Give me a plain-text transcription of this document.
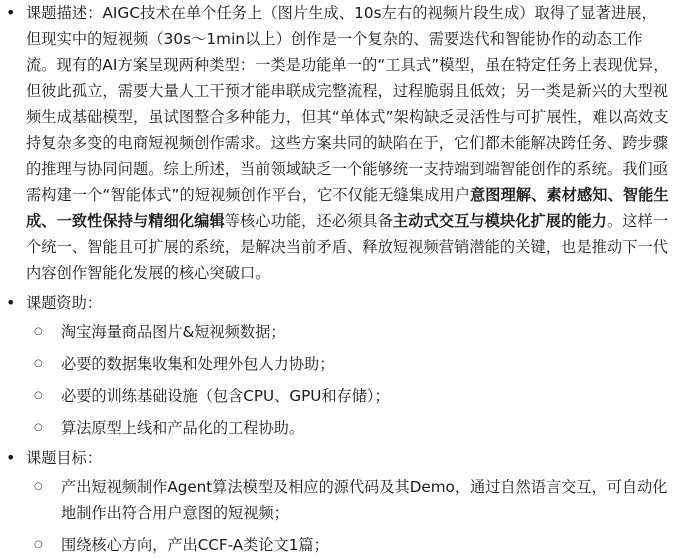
• 课题描述：AIGC技术在单个任务上（图片生成、10s左右的视频片段生成）取得了显著进展，但现实中的短视频（30s～1min以上）创作是一个复杂的、需要迭代和智能协作的动态工作流。现有的AI方案呈现两种类型：一类是功能单一的“工具式”模型，虽在特定任务上表现优异，但彼此孤立，需要大量人工干预才能串联成完整流程，过程脆弱且低效；另一类是新兴的大型视频生成基础模型，虽试图整合多种能力，但其“单体式”架构缺乏灵活性与可扩展性，难以高效支持复杂多变的电商短视频创作需求。这些方案共同的缺陷在于，它们都未能解决跨任务、跨步骤的推理与协同问题。综上所述，当前领域缺乏一个能够统一支持端到端智能创作的系统。我们亟需构建一个“智能体式”的短视频创作平台，它不仅能无缝集成用户意图理解、素材感知、智能生成、一致性保持与精细化编辑等核心功能，还必须具备主动式交互与模块化扩展的能力。这样一个统一、智能且可扩展的系统，是解决当前矛盾、释放短视频营销潜能的关键，也是推动下一代内容创作智能化发展的核心突破口。

• 课题资助：

○ 淘宝海量商品图片&短视频数据；
○ 必要的数据集收集和处理外包人力协助；
○ 必要的训练基础设施（包含CPU、GPU和存储）；
○ 算法原型上线和产品化的工程协助。
• 课题目标：

○ 产出短视频制作Agent算法模型及相应的源代码及其Demo，通过自然语言交互，可自动化地制作出符合用户意图的短视频；
○ 围绕核心方向，产出CCF-A类论文1篇；
